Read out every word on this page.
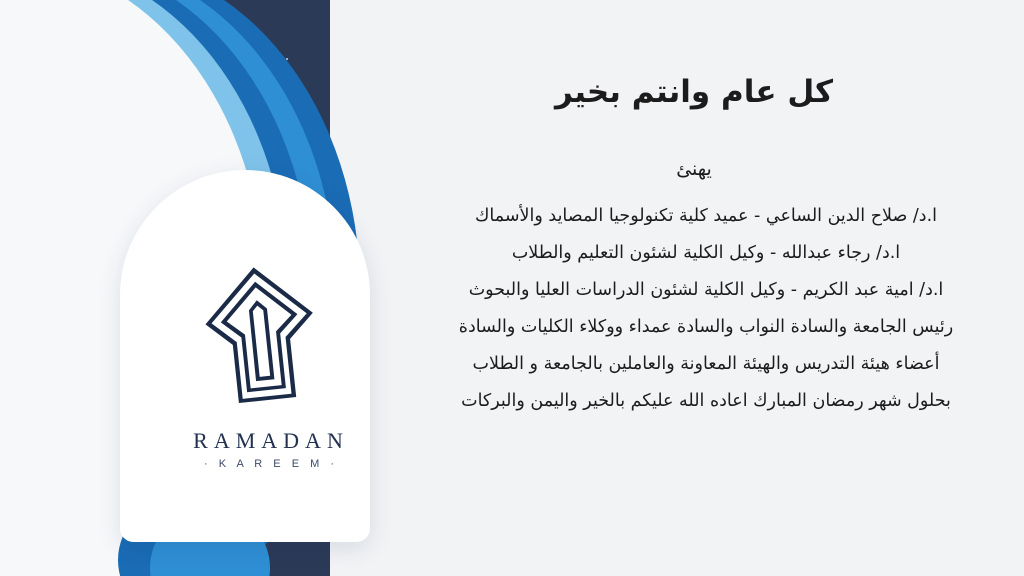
۩
RAMADAN
· K A R E E M ·
كل عام وانتم بخير
يهنئ
ا.د/ صلاح الدين الساعي - عميد كلية تكنولوجيا المصايد والأسماك
ا.د/ رجاء عبدالله - وكيل الكلية لشئون التعليم والطلاب
ا.د/ امية عبد الكريم - وكيل الكلية لشئون الدراسات العليا والبحوث
رئيس الجامعة والسادة النواب والسادة عمداء ووكلاء الكليات والسادة
أعضاء هيئة التدريس والهيئة المعاونة والعاملين بالجامعة و الطلاب
بحلول شهر رمضان المبارك اعاده الله عليكم بالخير واليمن والبركات
